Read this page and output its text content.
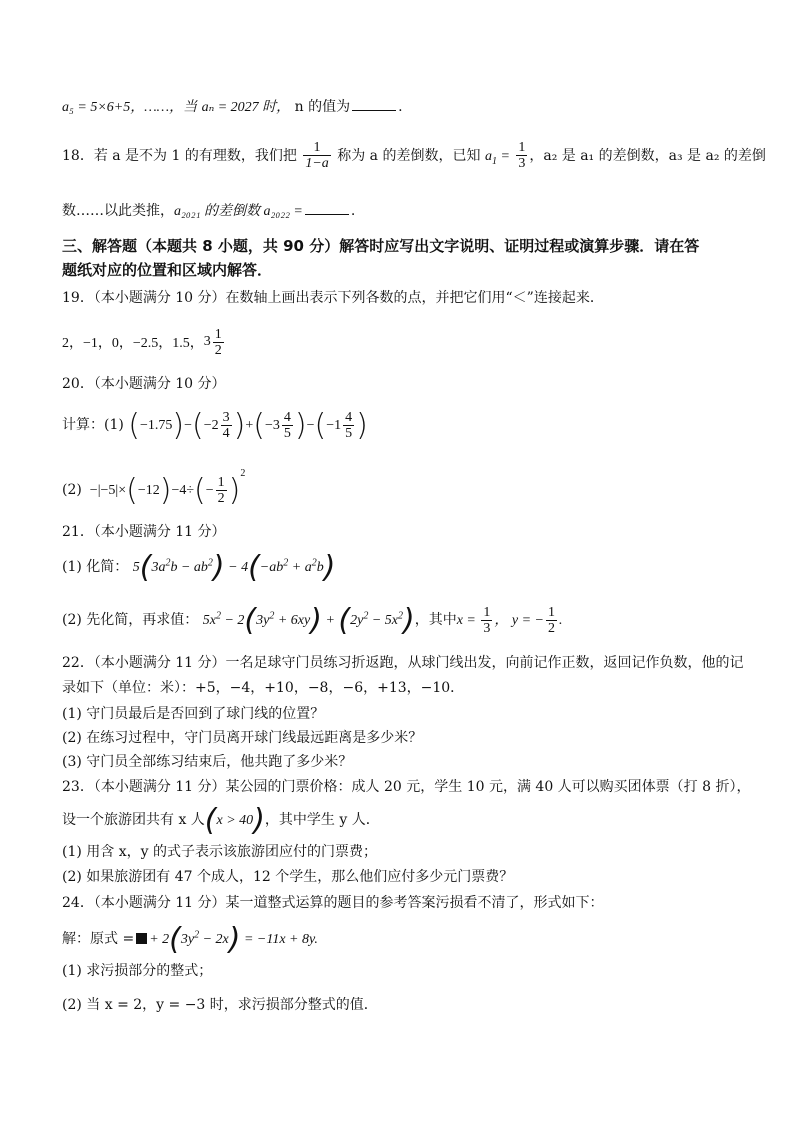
a₅ = 5×6+5，……，当 aₙ = 2027 时， n 的值为	.
18．若 a 是不为 1 的有理数，我们把 $\frac{1}{1-a}$ 称为 a 的差倒数，已知 $a_1 = \frac{1}{3}$ ，a₂ 是 a₁ 的差倒数，a₃ 是 a₂ 的差倒
数……以此类推，a₂₀₂₁ 的差倒数 a₂₀₂₂ =	.
三、解答题（本题共 8 小题，共 90 分）解答时应写出文字说明、证明过程或演算步骤．请在答
题纸对应的位置和区域内解答．
19．（本小题满分 10 分）在数轴上画出表示下列各数的点，并把它们用“＜”连接起来．
2，−1，0，−2.5，1.5， $3 \frac{1}{2}$
20．（本小题满分 10 分）
计算：(1) $(-1.75)-(-2 \frac{3}{4} )+(-3 \frac{4}{5} )-(-1 \frac{4}{5}$ )
$(2) -|-5|\times(-12)-4\div(- \frac{1}{2} )^2$
21．（本小题满分 11 分）
(1) 化简： $5(3a^2b - ab^2) - 4(-ab^2 + a^2b)$
(2) 先化简，再求值： $5x^2 - 2(3y^2 + 6xy) + (2y^2 - 5x^2)$，其中$x = \frac{1}{3}$ ， y = − $\frac{1}{2}$ .
22．（本小题满分 11 分）一名足球守门员练习折返跑，从球门线出发，向前记作正数，返回记作负数，他的记
录如下（单位：米）：+5，−4，+10，−8，−6，+13，−10．
(1) 守门员最后是否回到了球门线的位置？
(2) 在练习过程中，守门员离开球门线最远距离是多少米？
(3) 守门员全部练习结束后，他共跑了多少米？
23．（本小题满分 11 分）某公园的门票价格：成人 20 元，学生 10 元，满 40 人可以购买团体票（打 8 折），
设一个旅游团共有 x 人(x > 40)，其中学生 y 人．
(1) 用含 x，y 的式子表示该旅游团应付的门票费；
(2) 如果旅游团有 47 个成人，12 个学生，那么他们应付多少元门票费？
24．（本小题满分 11 分）某一道整式运算的题目的参考答案污损看不清了，形式如下：
解：原式 = + $2(3y^2 - 2x) = -11x + 8y$.
(1) 求污损部分的整式；
(2) 当 x = 2，y = −3 时，求污损部分整式的值．
